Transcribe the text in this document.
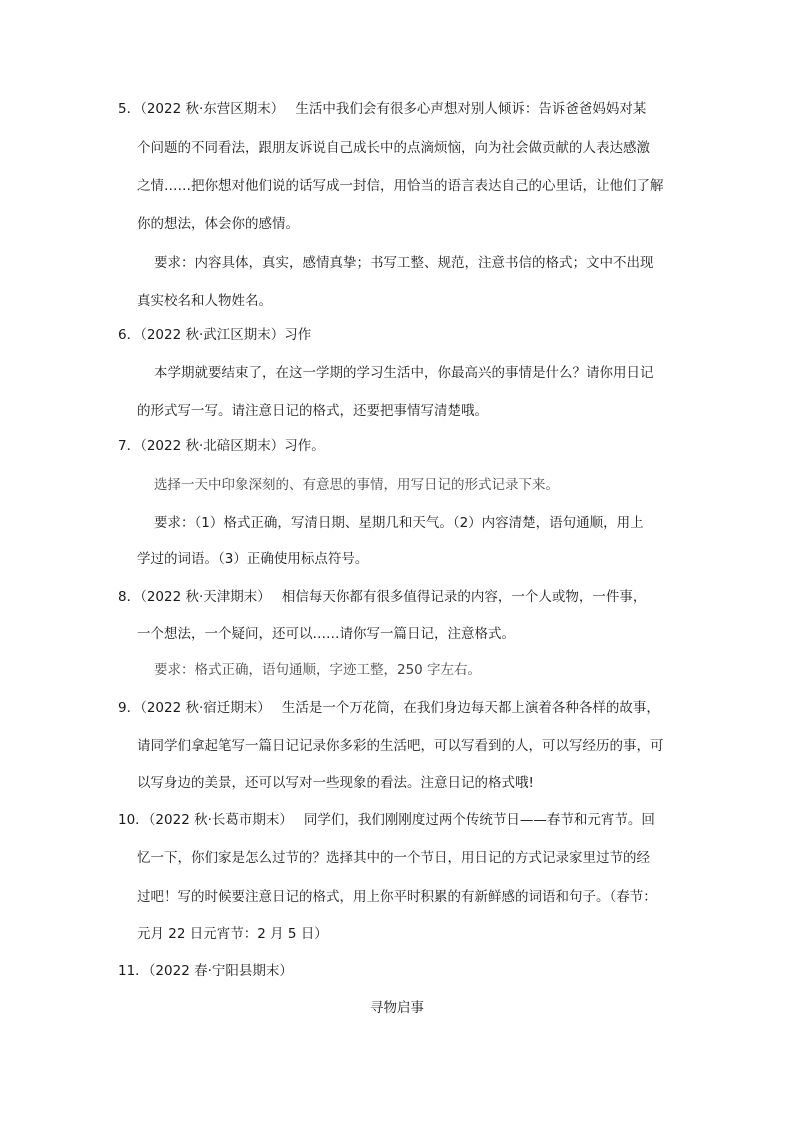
5．（2022 秋·东营区期末）　 生活中我们会有很多心声想对别人倾诉：告诉爸爸妈妈对某
个问题的不同看法，跟朋友诉说自己成长中的点滴烦恼，向为社会做贡献的人表达感激
之情……把你想对他们说的话写成一封信，用恰当的语言表达自己的心里话，让他们了解
你的想法，体会你的感情。
要求：内容具体，真实，感情真挚；书写工整、规范，注意书信的格式；文中不出现
真实校名和人物姓名。
6．（2022 秋·武江区期末）习作
本学期就要结束了，在这一学期的学习生活中，你最高兴的事情是什么？请你用日记
的形式写一写。请注意日记的格式，还要把事情写清楚哦。
7．（2022 秋·北碚区期末）习作。
选择一天中印象深刻的、有意思的事情，用写日记的形式记录下来。
要求：（1）格式正确，写清日期、星期几和天气。（2）内容清楚，语句通顺，用上
学过的词语。（3）正确使用标点符号。
8．（2022 秋·天津期末）　 相信每天你都有很多值得记录的内容，一个人或物，一件事，
一个想法，一个疑问，还可以……请你写一篇日记，注意格式。
要求：格式正确，语句通顺，字迹工整，250 字左右。
9．（2022 秋·宿迁期末）　 生活是一个万花筒，在我们身边每天都上演着各种各样的故事，
请同学们拿起笔写一篇日记记录你多彩的生活吧，可以写看到的人，可以写经历的事，可
以写身边的美景，还可以写对一些现象的看法。注意日记的格式哦!
10．（2022 秋·长葛市期末）　 同学们，我们刚刚度过两个传统节日——春节和元宵节。回
忆一下，你们家是怎么过节的？选择其中的一个节日，用日记的方式记录家里过节的经
过吧！写的时候要注意日记的格式，用上你平时积累的有新鲜感的词语和句子。（春节：
元月 22 日元宵节：2 月 5 日）
11．（2022 春·宁阳县期末）
寻物启事
